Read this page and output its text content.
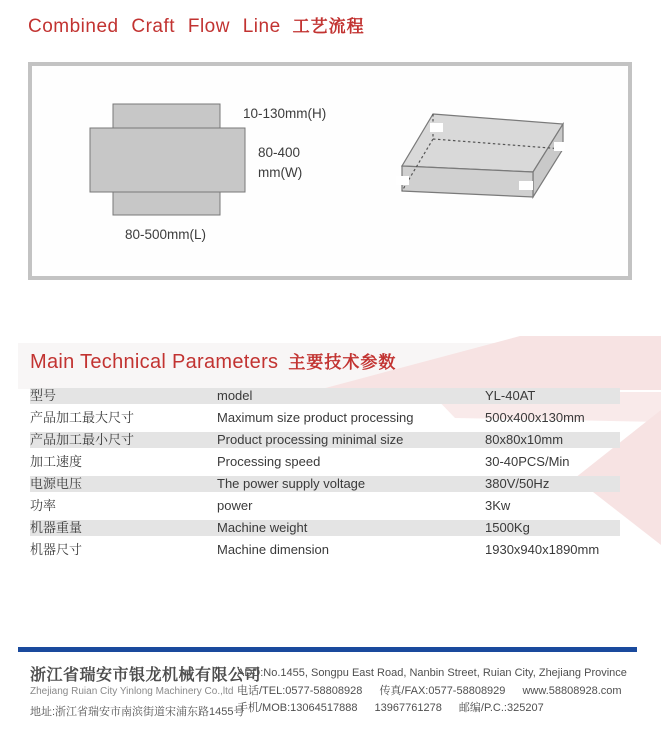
Combined Craft Flow Line 工艺流程
10-130mm(H)
80-400
mm(W)
80-500mm(L)
Main Technical Parameters 主要技术参数
型号	model	YL-40AT
产品加工最大尺寸	Maximum size product processing	500x400x130mm
产品加工最小尺寸	Product processing minimal size	80x80x10mm
加工速度	Processing speed	30-40PCS/Min
电源电压	The power supply voltage	380V/50Hz
功率	power	3Kw
机器重量	Machine weight	1500Kg
机器尺寸	Machine dimension	1930x940x1890mm
浙江省瑞安市银龙机械有限公司
Zhejiang Ruian City Yinlong Machinery Co.,ltd
地址:浙江省瑞安市南滨街道宋浦东路1455号
ADD:No.1455, Songpu East Road, Nanbin Street, Ruian City, Zhejiang Province
电话/TEL:0577-58808928 传真/FAX:0577-58808929 www.58808928.com
手机/MOB:13064517888 13967761278 邮编/P.C.:325207
